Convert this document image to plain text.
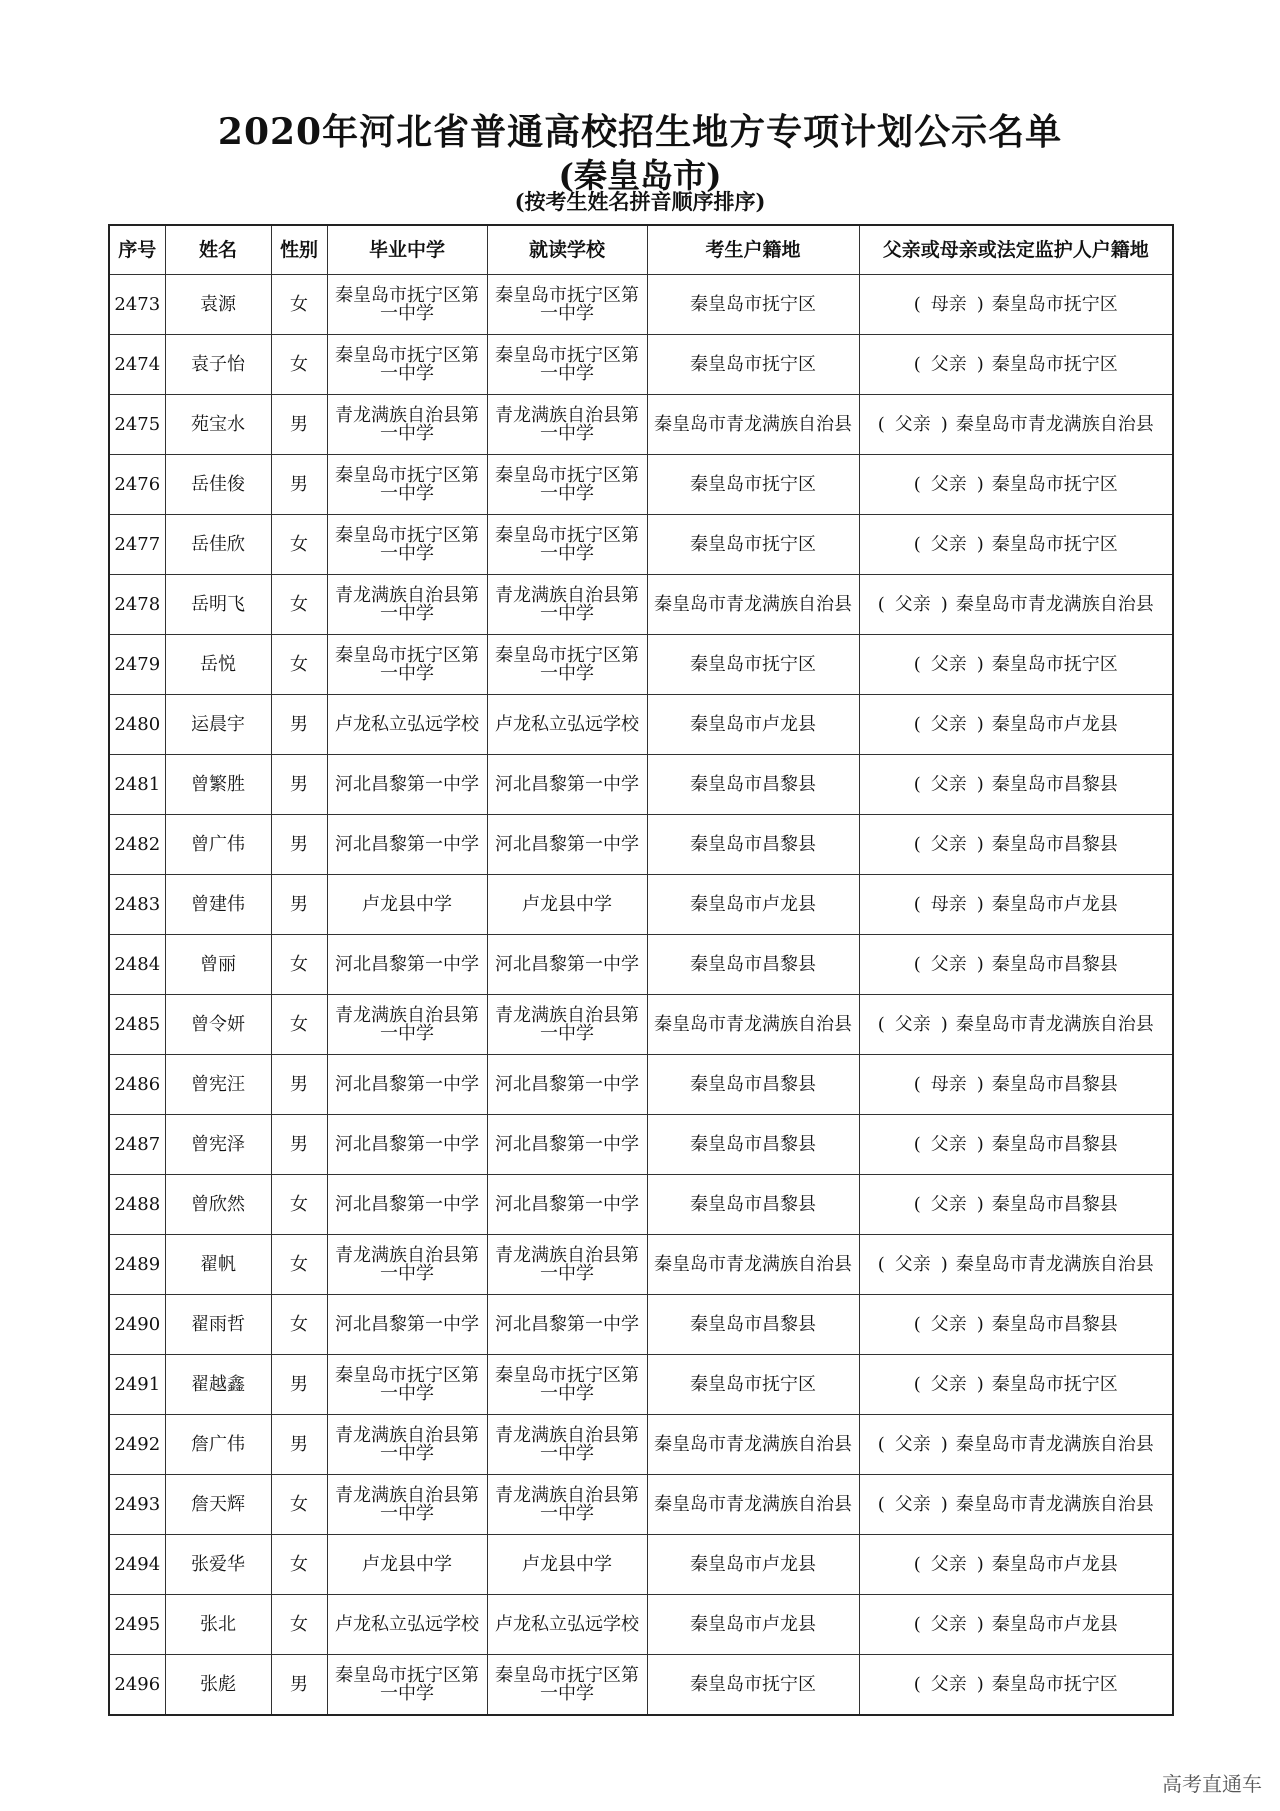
2020年河北省普通高校招生地方专项计划公示名单
(秦皇岛市)
(按考生姓名拼音顺序排序)
序号	姓名	性别	毕业中学	就读学校	考生户籍地	父亲或母亲或法定监护人户籍地
2473	袁源	女	秦皇岛市抚宁区第一中学	秦皇岛市抚宁区第一中学	秦皇岛市抚宁区	( 母亲 ) 秦皇岛市抚宁区
2474	袁子怡	女	秦皇岛市抚宁区第一中学	秦皇岛市抚宁区第一中学	秦皇岛市抚宁区	( 父亲 ) 秦皇岛市抚宁区
2475	苑宝水	男	青龙满族自治县第一中学	青龙满族自治县第一中学	秦皇岛市青龙满族自治县	( 父亲 ) 秦皇岛市青龙满族自治县
2476	岳佳俊	男	秦皇岛市抚宁区第一中学	秦皇岛市抚宁区第一中学	秦皇岛市抚宁区	( 父亲 ) 秦皇岛市抚宁区
2477	岳佳欣	女	秦皇岛市抚宁区第一中学	秦皇岛市抚宁区第一中学	秦皇岛市抚宁区	( 父亲 ) 秦皇岛市抚宁区
2478	岳明飞	女	青龙满族自治县第一中学	青龙满族自治县第一中学	秦皇岛市青龙满族自治县	( 父亲 ) 秦皇岛市青龙满族自治县
2479	岳悦	女	秦皇岛市抚宁区第一中学	秦皇岛市抚宁区第一中学	秦皇岛市抚宁区	( 父亲 ) 秦皇岛市抚宁区
2480	运晨宇	男	卢龙私立弘远学校	卢龙私立弘远学校	秦皇岛市卢龙县	( 父亲 ) 秦皇岛市卢龙县
2481	曾繁胜	男	河北昌黎第一中学	河北昌黎第一中学	秦皇岛市昌黎县	( 父亲 ) 秦皇岛市昌黎县
2482	曾广伟	男	河北昌黎第一中学	河北昌黎第一中学	秦皇岛市昌黎县	( 父亲 ) 秦皇岛市昌黎县
2483	曾建伟	男	卢龙县中学	卢龙县中学	秦皇岛市卢龙县	( 母亲 ) 秦皇岛市卢龙县
2484	曾丽	女	河北昌黎第一中学	河北昌黎第一中学	秦皇岛市昌黎县	( 父亲 ) 秦皇岛市昌黎县
2485	曾令妍	女	青龙满族自治县第一中学	青龙满族自治县第一中学	秦皇岛市青龙满族自治县	( 父亲 ) 秦皇岛市青龙满族自治县
2486	曾宪汪	男	河北昌黎第一中学	河北昌黎第一中学	秦皇岛市昌黎县	( 母亲 ) 秦皇岛市昌黎县
2487	曾宪泽	男	河北昌黎第一中学	河北昌黎第一中学	秦皇岛市昌黎县	( 父亲 ) 秦皇岛市昌黎县
2488	曾欣然	女	河北昌黎第一中学	河北昌黎第一中学	秦皇岛市昌黎县	( 父亲 ) 秦皇岛市昌黎县
2489	翟帆	女	青龙满族自治县第一中学	青龙满族自治县第一中学	秦皇岛市青龙满族自治县	( 父亲 ) 秦皇岛市青龙满族自治县
2490	翟雨哲	女	河北昌黎第一中学	河北昌黎第一中学	秦皇岛市昌黎县	( 父亲 ) 秦皇岛市昌黎县
2491	翟越鑫	男	秦皇岛市抚宁区第一中学	秦皇岛市抚宁区第一中学	秦皇岛市抚宁区	( 父亲 ) 秦皇岛市抚宁区
2492	詹广伟	男	青龙满族自治县第一中学	青龙满族自治县第一中学	秦皇岛市青龙满族自治县	( 父亲 ) 秦皇岛市青龙满族自治县
2493	詹天辉	女	青龙满族自治县第一中学	青龙满族自治县第一中学	秦皇岛市青龙满族自治县	( 父亲 ) 秦皇岛市青龙满族自治县
2494	张爱华	女	卢龙县中学	卢龙县中学	秦皇岛市卢龙县	( 父亲 ) 秦皇岛市卢龙县
2495	张北	女	卢龙私立弘远学校	卢龙私立弘远学校	秦皇岛市卢龙县	( 父亲 ) 秦皇岛市卢龙县
2496	张彪	男	秦皇岛市抚宁区第一中学	秦皇岛市抚宁区第一中学	秦皇岛市抚宁区	( 父亲 ) 秦皇岛市抚宁区
高考直通车
